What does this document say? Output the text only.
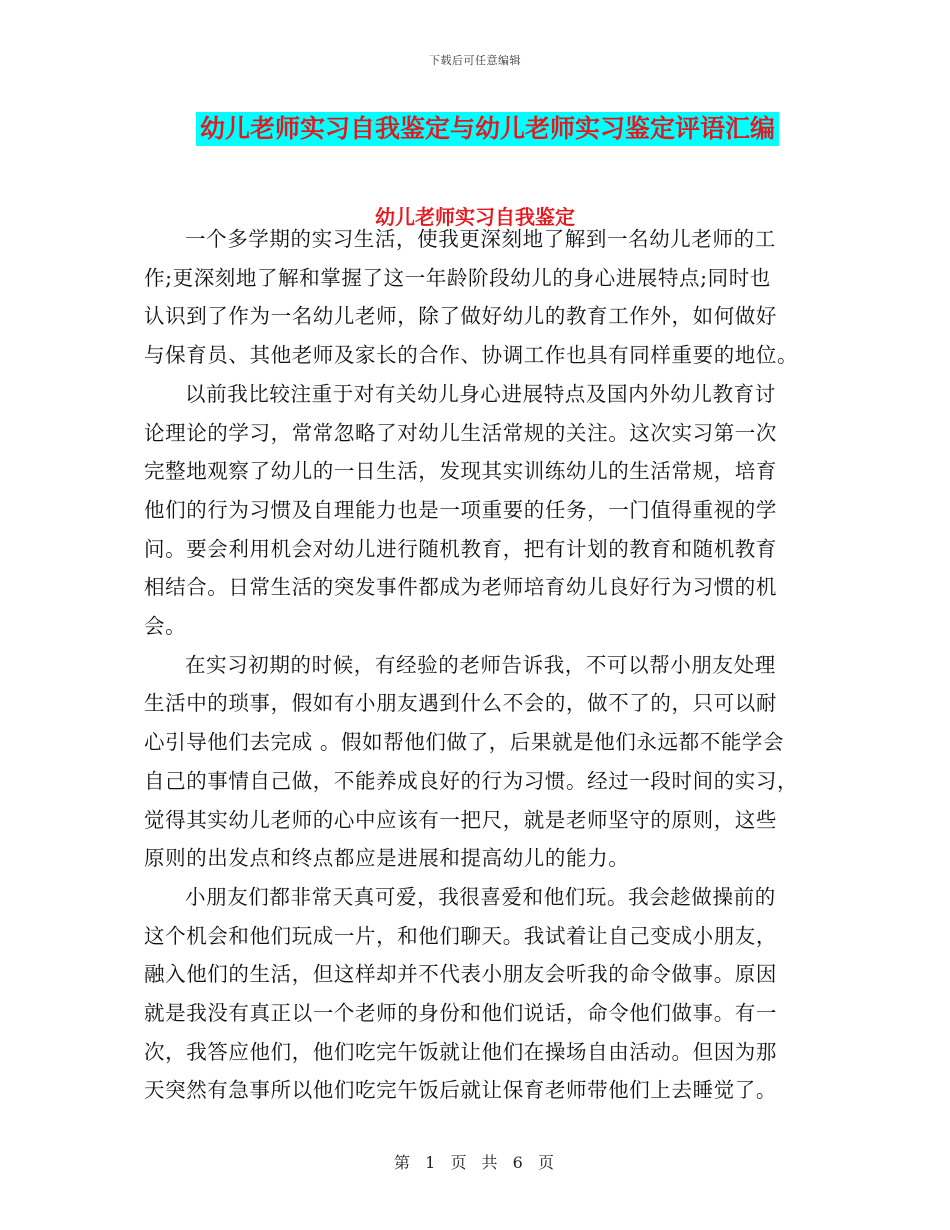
下载后可任意编辑
幼儿老师实习自我鉴定与幼儿老师实习鉴定评语汇编
幼儿老师实习自我鉴定

一个多学期的实习生活，使我更深刻地了解到一名幼儿老师的工
作;更深刻地了解和掌握了这一年龄阶段幼儿的身心进展特点;同时也
认识到了作为一名幼儿老师，除了做好幼儿的教育工作外，如何做好
与保育员、其他老师及家长的合作、协调工作也具有同样重要的地位。

以前我比较注重于对有关幼儿身心进展特点及国内外幼儿教育讨
论理论的学习，常常忽略了对幼儿生活常规的关注。这次实习第一次
完整地观察了幼儿的一日生活，发现其实训练幼儿的生活常规，培育
他们的行为习惯及自理能力也是一项重要的任务，一门值得重视的学
问。要会利用机会对幼儿进行随机教育，把有计划的教育和随机教育
相结合。日常生活的突发事件都成为老师培育幼儿良好行为习惯的机
会。

在实习初期的时候，有经验的老师告诉我，不可以帮小朋友处理
生活中的琐事，假如有小朋友遇到什么不会的，做不了的，只可以耐
心引导他们去完成 。假如帮他们做了，后果就是他们永远都不能学会
自己的事情自己做，不能养成良好的行为习惯。经过一段时间的实习，
觉得其实幼儿老师的心中应该有一把尺，就是老师坚守的原则，这些
原则的出发点和终点都应是进展和提高幼儿的能力。

小朋友们都非常天真可爱，我很喜爱和他们玩。我会趁做操前的
这个机会和他们玩成一片，和他们聊天。我试着让自己变成小朋友，
融入他们的生活，但这样却并不代表小朋友会听我的命令做事。原因
就是我没有真正以一个老师的身份和他们说话，命令他们做事。有一
次，我答应他们，他们吃完午饭就让他们在操场自由活动。但因为那
天突然有急事所以他们吃完午饭后就让保育老师带他们上去睡觉了。

第 1 页 共 6 页
